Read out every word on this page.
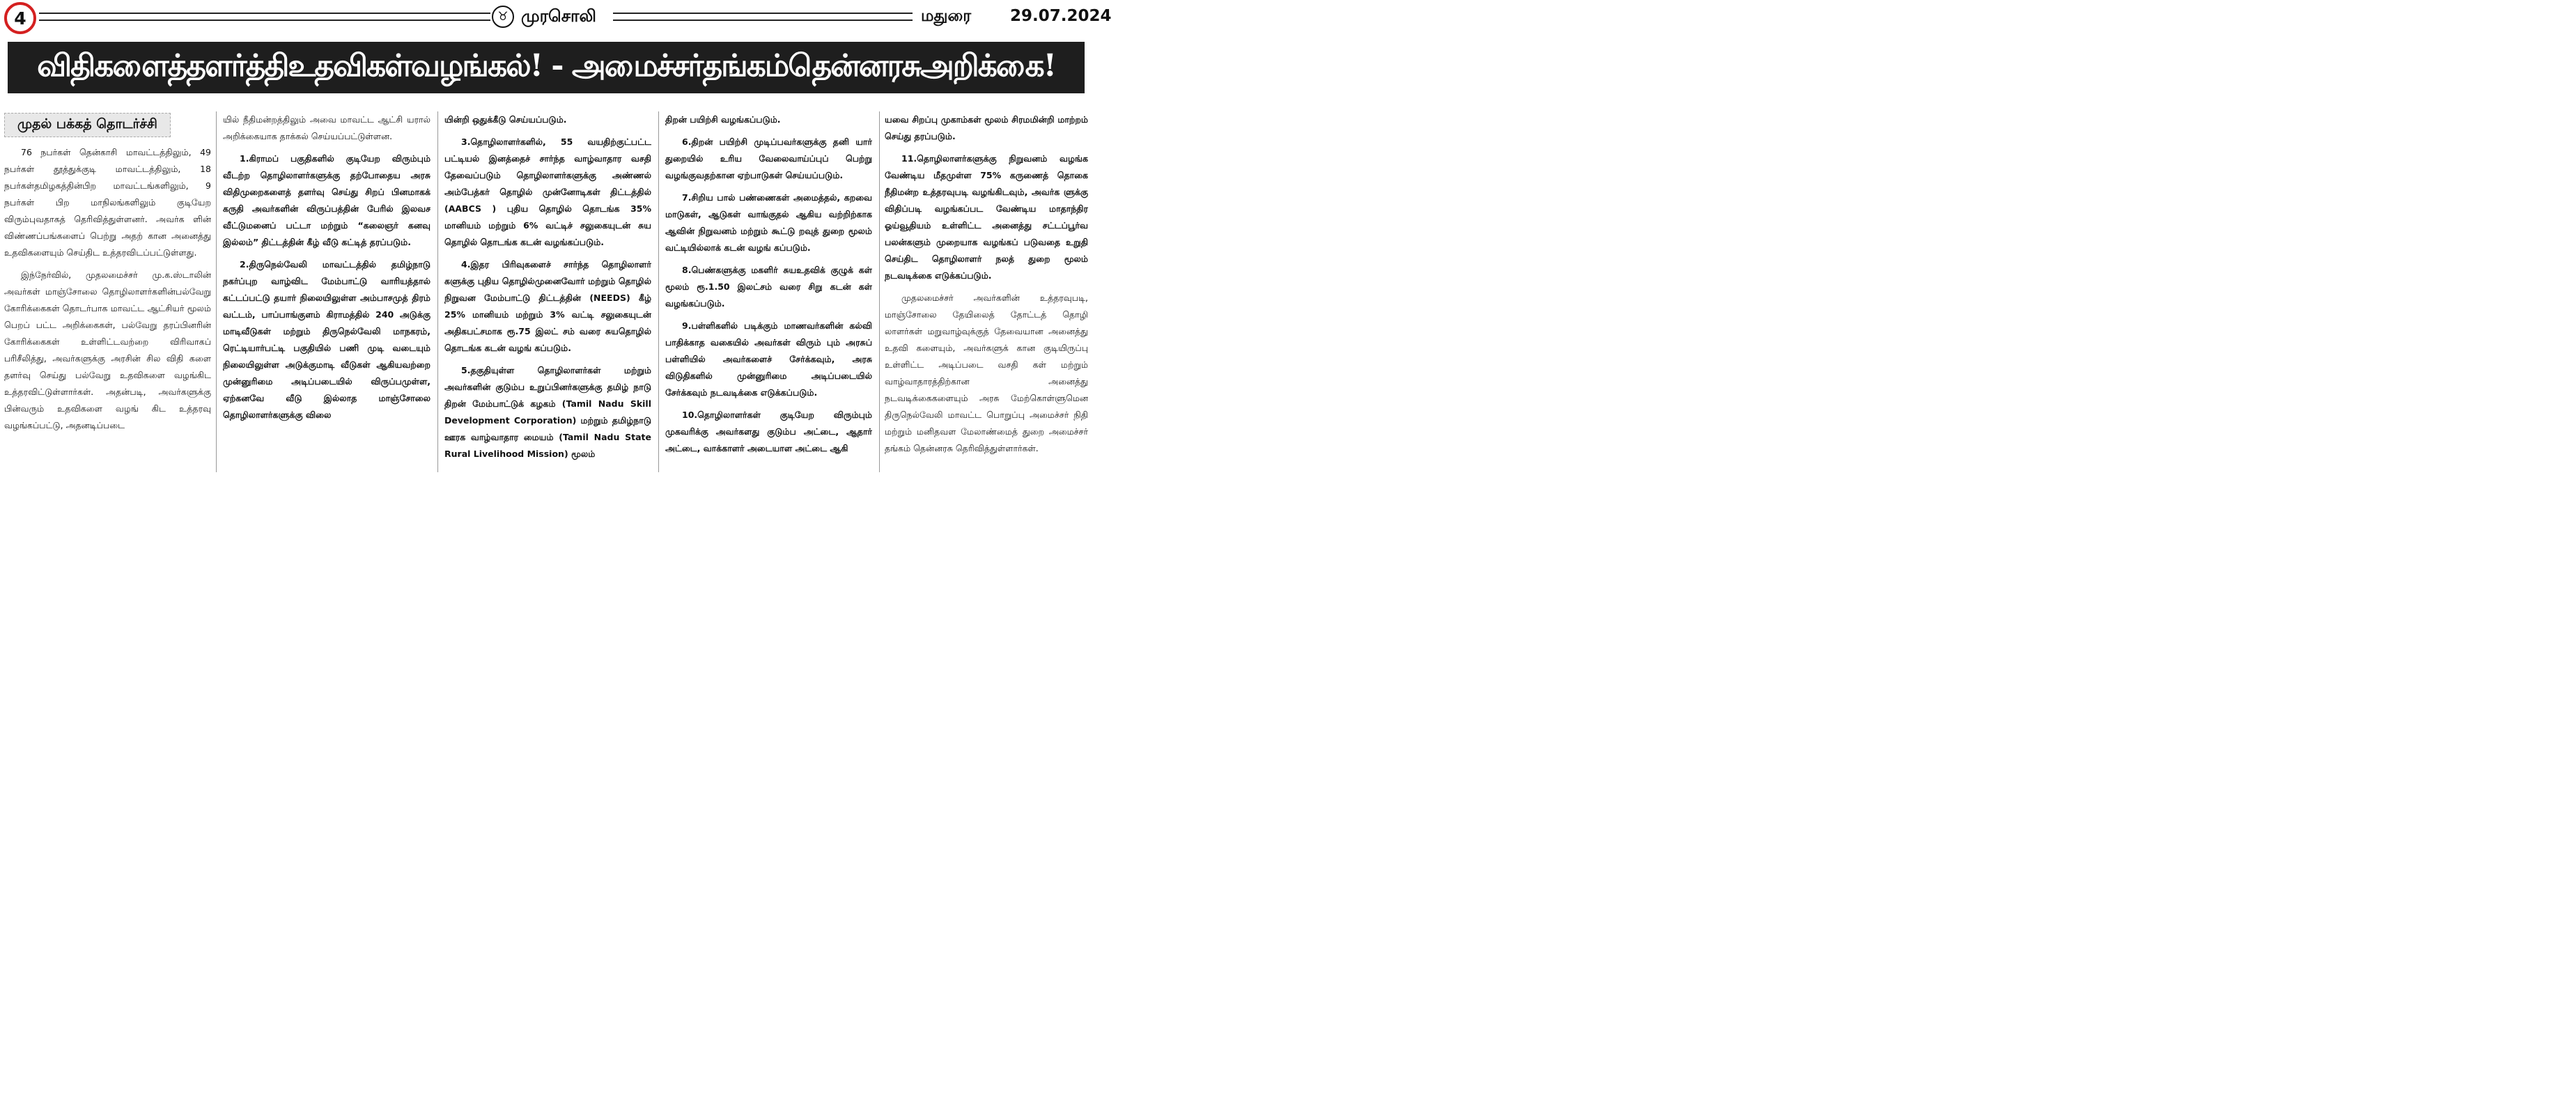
4	♉ முரசொலி	மதுரை 29.07.2024
விதிகளைத்தளர்த்திஉதவிகள்வழங்கல்! - அமைச்சர்தங்கம்தென்னரசுஅறிக்கை!
முதல் பக்கத் தொடர்ச்சி

76 நபர்கள் தென்காசி மாவட்டத்திலும், 49 நபர்கள் தூத்துக்குடி மாவட்டத்திலும், 18 நபர்கள்தமிழகத்தின்பிற மாவட்டங்களிலும், 9 நபர்கள் பிற மாநிலங்களிலும் குடியேற விரும்புவதாகத் தெரிவித்துள்ளனர். அவர்க ளின் விண்ணப்பங்களைப் பெற்று அதற் கான அனைத்து உதவிகளையும் செய்திட உத்தரவிடப்பட்டுள்ளது.

இந்நேர்வில், முதலமைச்சர் மு.க.ஸ்டாலின் அவர்கள் மாஞ்சோலை தொழிலாளர்களின்பல்வேறு கோரிக்கைகள் தொடர்பாக மாவட்ட ஆட்சியர் மூலம் பெறப் பட்ட அறிக்கைகள், பல்வேறு தரப்பினரின் கோரிக்கைகள் உள்ளிட்டவற்றை விரிவாகப் பரிசீலித்து, அவர்களுக்கு அரசின் சில விதி களை தளர்வு செய்து பல்வேறு உதவிகளை வழங்கிட உத்தரவிட்டுள்ளார்கள். அதன்படி, அவர்களுக்கு பின்வரும் உதவிகளை வழங் கிட உத்தரவு வழங்கப்பட்டு, அதனடிப்படை

யில் நீதிமன்றத்திலும் அவை மாவட்ட ஆட்சி யரால் அறிக்கையாக தாக்கல் செய்யப்பட்டுள்ளன.

1.கிராமப் பகுதிகளில் குடியேற விரும்பும் வீடற்ற தொழிலாளர்களுக்கு தற்போதைய அரசு விதிமுறைகளைத் தளர்வு செய்து சிறப் பினமாகக் கருதி அவர்களின் விருப்பத்தின் பேரில் இலவச வீட்டுமனைப் பட்டா மற்றும் “கலைஞர் கனவு இல்லம்” திட்டத்தின் கீழ் வீடு கட்டித் தரப்படும்.

2.திருநெல்வேலி மாவட்டத்தில் தமிழ்நாடு நகர்ப்புற வாழ்விட மேம்பாட்டு வாரியத்தால் கட்டப்பட்டு தயார் நிலையிலுள்ள அம்பாசமுத் திரம் வட்டம், பாப்பாங்குளம் கிராமத்தில் 240 அடுக்கு மாடிவீடுகள் மற்றும் திருநெல்வேலி மாநகரம், ரெட்டியார்பட்டி பகுதியில் பணி முடி வடையும் நிலையிலுள்ள அடுக்குமாடி வீடுகள் ஆகியவற்றை முன்னுரிமை அடிப்படையில் விருப்பமுள்ள, ஏற்கனவே வீடு இல்லாத மாஞ்சோலை தொழிலாளர்களுக்கு விலை

யின்றி ஒதுக்கீடு செய்யப்படும்.

3.தொழிலாளர்களில், 55 வயதிற்குட்பட்ட பட்டியல் இனத்தைச் சார்ந்த வாழ்வாதார வசதி தேவைப்படும் தொழிலாளர்களுக்கு அண்ணல் அம்பேத்கர் தொழில் முன்னோடிகள் திட்டத்தில் (AABCS ) புதிய தொழில் தொடங்க 35% மானியம் மற்றும் 6% வட்டிச் சலுகையுடன் சுய தொழில் தொடங்க கடன் வழங்கப்படும்.

4.இதர பிரிவுகளைச் சார்ந்த தொழிலாளர் களுக்கு புதிய தொழில்முனைவோர் மற்றும் தொழில் நிறுவன மேம்பாட்டு திட்டத்தின் (NEEDS) கீழ் 25% மானியம் மற்றும் 3% வட்டி சலுகையுடன் அதிகபட்சமாக ரூ.75 இலட் சம் வரை சுயதொழில் தொடங்க கடன் வழங் கப்படும்.

5.தகுதியுள்ள தொழிலாளர்கள் மற்றும் அவர்களின் குடும்ப உறுப்பினர்களுக்கு தமிழ் நாடு திறன் மேம்பாட்டுக் கழகம் (Tamil Nadu Skill Development Corporation) மற்றும் தமிழ்நாடு ஊரக வாழ்வாதார மையம் (Tamil Nadu State Rural Livelihood Mission) மூலம்

திறன் பயிற்சி வழங்கப்படும்.

6.திறன் பயிற்சி முடிப்பவர்களுக்கு தனி யார் துறையில் உரிய வேலைவாய்ப்புப் பெற்று வழங்குவதற்கான ஏற்பாடுகள் செய்யப்படும்.

7.சிறிய பால் பண்ணைகள் அமைத்தல், கறவை மாடுகள், ஆடுகள் வாங்குதல் ஆகிய வற்றிற்காக ஆவின் நிறுவனம் மற்றும் கூட்டு றவுத் துறை மூலம் வட்டியில்லாக் கடன் வழங் கப்படும்.

8.பெண்களுக்கு மகளிர் சுயஉதவிக் குழுக் கள் மூலம் ரூ.1.50 இலட்சம் வரை சிறு கடன் கள் வழங்கப்படும்.

9.பள்ளிகளில் படிக்கும் மாணவர்களின் கல்வி பாதிக்காத வகையில் அவர்கள் விரும் பும் அரசுப் பள்ளியில் அவர்களைச் சேர்க்கவும், அரசு விடுதிகளில் முன்னுரிமை அடிப்படையில் சேர்க்கவும் நடவடிக்கை எடுக்கப்படும்.

10.தொழிலாளர்கள் குடியேற விரும்பும் முகவரிக்கு அவர்களது குடும்ப அட்டை, ஆதார் அட்டை, வாக்காளர் அடையாள அட்டை ஆகி

யவை சிறப்பு முகாம்கள் மூலம் சிரமமின்றி மாற்றம் செய்து தரப்படும்.

11.தொழிலாளர்களுக்கு நிறுவனம் வழங்க வேண்டிய மீதமுள்ள 75% கருணைத் தொகை நீதிமன்ற உத்தரவுபடி வழங்கிடவும், அவர்க ளுக்கு விதிப்படி வழங்கப்பட வேண்டிய மாதாந்திர ஓய்வூதியம் உள்ளிட்ட அனைத்து சட்டப்பூர்வ பலன்களும் முறையாக வழங்கப் படுவதை உறுதி செய்திட தொழிலாளர் நலத் துறை மூலம் நடவடிக்கை எடுக்கப்படும்.

முதலமைச்சர் அவர்களின் உத்தரவுபடி, மாஞ்சோலை தேயிலைத் தோட்டத் தொழி லாளர்கள் மறுவாழ்வுக்குத் தேவையான அனைத்து உதவி களையும், அவர்களுக் கான குடியிருப்பு உள்ளிட்ட அடிப்படை வசதி கள் மற்றும் வாழ்வாதாரத்திற்கான அனைத்து நடவடிக்கைகளையும் அரசு மேற்கொள்ளுமென திருநெல்வேலி மாவட்ட பொறுப்பு அமைச்சர் நிதி மற்றும் மனிதவள மேலாண்மைத் துறை அமைச்சர் தங்கம் தென்னரசு தெரிவித்துள்ளார்கள்.
